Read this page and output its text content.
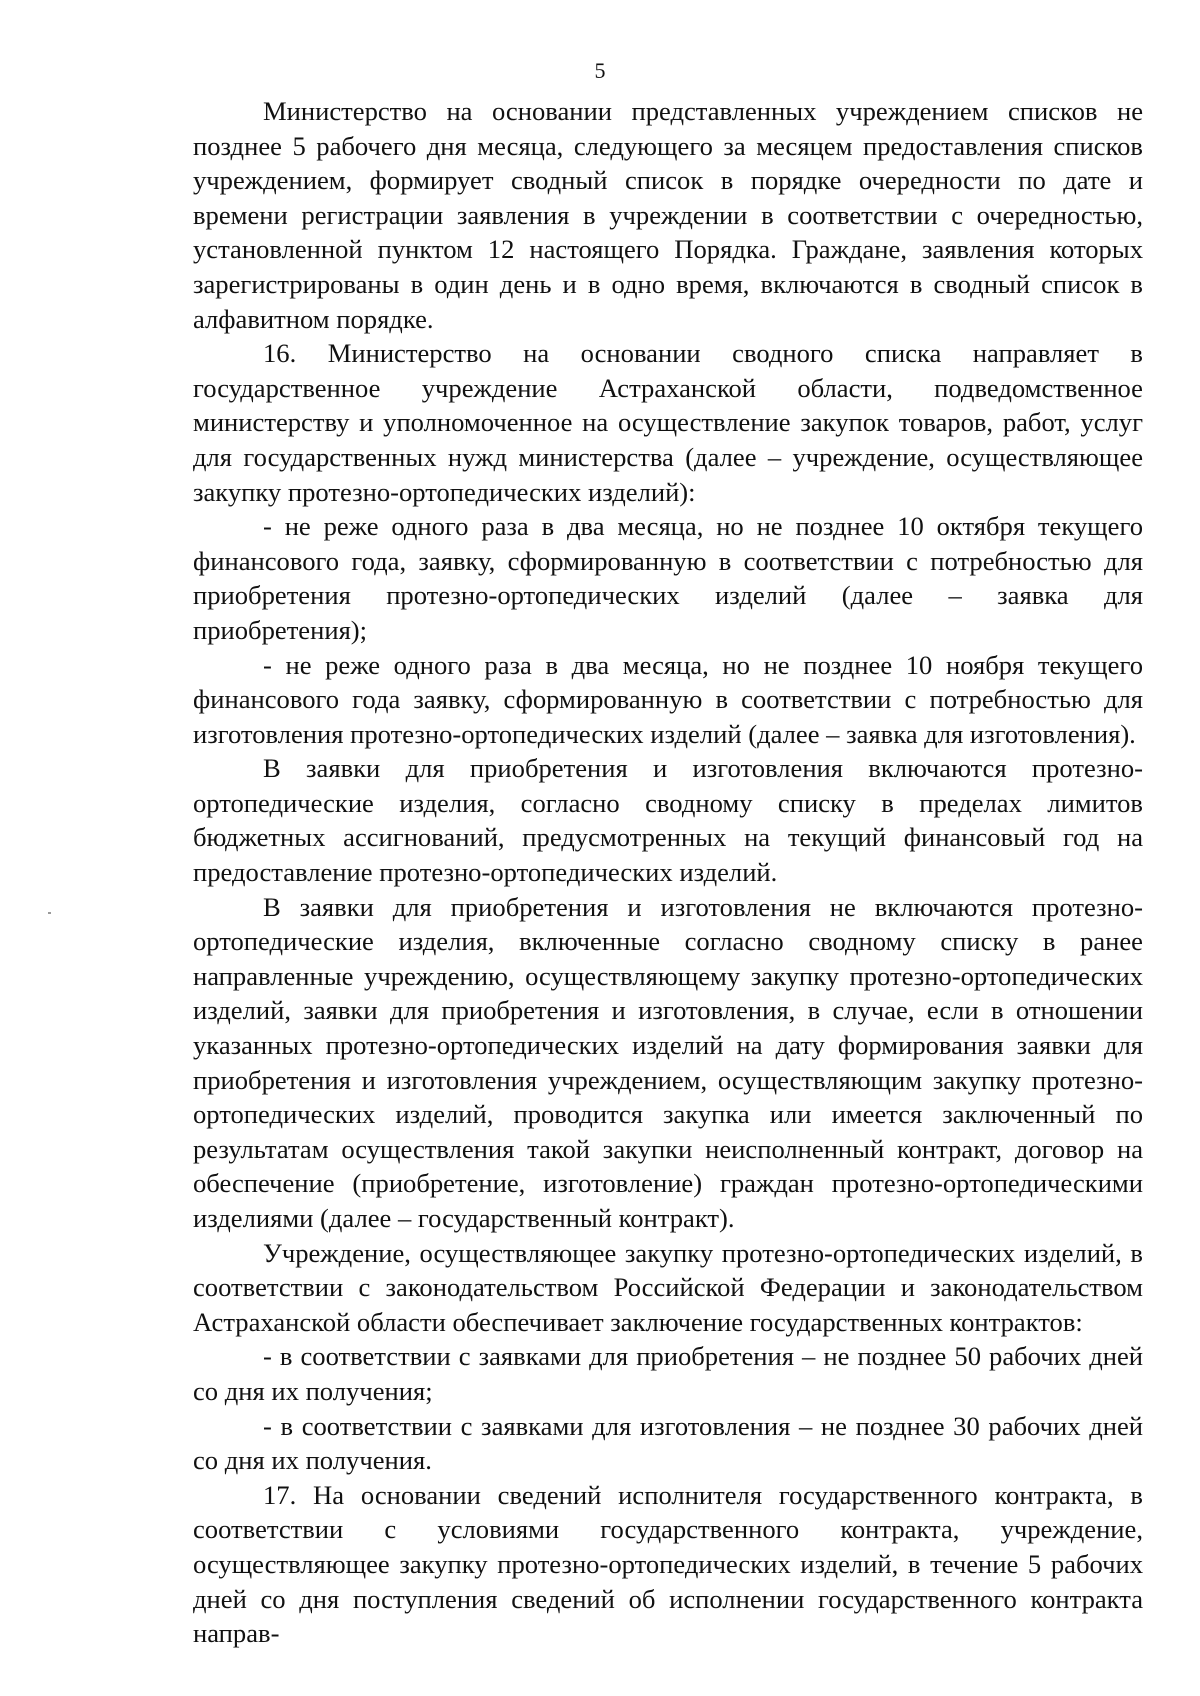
5

Министерство на основании представленных учреждением списков не позднее 5 рабочего дня месяца, следующего за месяцем предоставления списков учреждением, формирует сводный список в порядке очередности по дате и времени регистрации заявления в учреждении в соответствии с очередностью, установленной пунктом 12 настоящего Порядка. Граждане, заявления которых зарегистрированы в один день и в одно время, включаются в сводный список в алфавитном порядке.

16. Министерство на основании сводного списка направляет в государственное учреждение Астраханской области, подведомственное министерству и уполномоченное на осуществление закупок товаров, работ, услуг для государственных нужд министерства (далее – учреждение, осуществляющее закупку протезно-ортопедических изделий):

- не реже одного раза в два месяца, но не позднее 10 октября текущего финансового года, заявку, сформированную в соответствии с потребностью для приобретения протезно-ортопедических изделий (далее – заявка для приобретения);

- не реже одного раза в два месяца, но не позднее 10 ноября текущего финансового года заявку, сформированную в соответствии с потребностью для изготовления протезно-ортопедических изделий (далее – заявка для изготовления).

В заявки для приобретения и изготовления включаются протезно-ортопедические изделия, согласно сводному списку в пределах лимитов бюджетных ассигнований, предусмотренных на текущий финансовый год на предоставление протезно-ортопедических изделий.

В заявки для приобретения и изготовления не включаются протезно-ортопедические изделия, включенные согласно сводному списку в ранее направленные учреждению, осуществляющему закупку протезно-ортопедических изделий, заявки для приобретения и изготовления, в случае, если в отношении указанных протезно-ортопедических изделий на дату формирования заявки для приобретения и изготовления учреждением, осуществляющим закупку протезно-ортопедических изделий, проводится закупка или имеется заключенный по результатам осуществления такой закупки неисполненный контракт, договор на обеспечение (приобретение, изготовление) граждан протезно-ортопедическими изделиями (далее – государственный контракт).

Учреждение, осуществляющее закупку протезно-ортопедических изделий, в соответствии с законодательством Российской Федерации и законодательством Астраханской области обеспечивает заключение государственных контрактов:

- в соответствии с заявками для приобретения – не позднее 50 рабочих дней со дня их получения;

- в соответствии с заявками для изготовления – не позднее 30 рабочих дней со дня их получения.

17. На основании сведений исполнителя государственного контракта, в соответствии с условиями государственного контракта, учреждение, осуществляющее закупку протезно-ортопедических изделий, в течение 5 рабочих дней со дня поступления сведений об исполнении государственного контракта направ-
